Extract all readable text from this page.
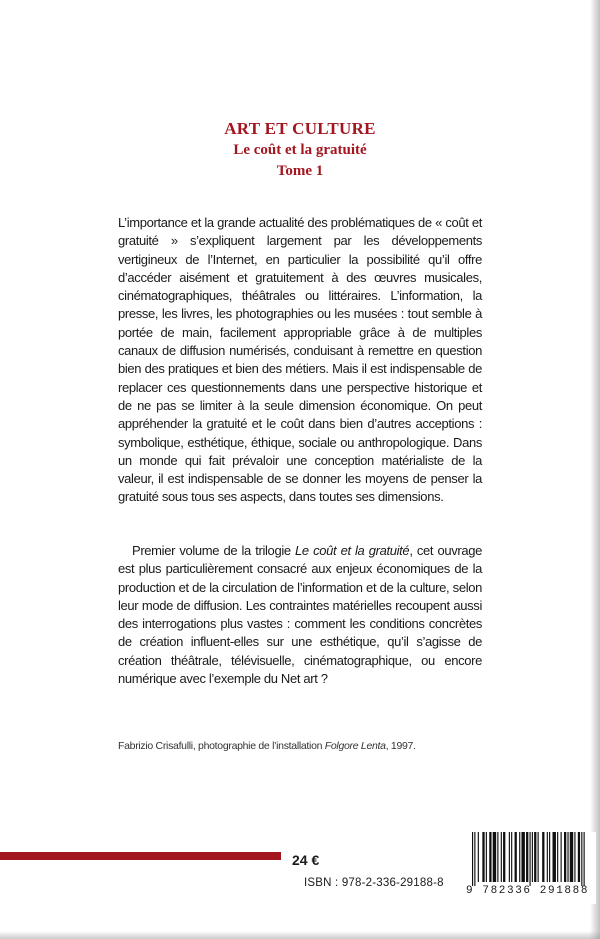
ART ET CULTURE
Le coût et la gratuité
Tome 1
L’importance et la grande actualité des problématiques de « coût et gratuité » s’expliquent largement par les développements vertigineux de l’Internet, en particulier la possibilité qu’il offre d’accéder aisément et gratuitement à des œuvres musicales, cinématographiques, théâtrales ou littéraires. L’information, la presse, les livres, les photographies ou les musées : tout semble à portée de main, facilement appropriable grâce à de multiples canaux de diffusion numérisés, conduisant à remettre en question bien des pratiques et bien des métiers. Mais il est indispensable de replacer ces questionnements dans une perspective historique et de ne pas se limiter à la seule dimension économique. On peut appréhender la gratuité et le coût dans bien d’autres acceptions : symbolique, esthétique, éthique, sociale ou anthropologique. Dans un monde qui fait prévaloir une conception matérialiste de la valeur, il est indispensable de se donner les moyens de penser la gratuité sous tous ses aspects, dans toutes ses dimensions.
Premier volume de la trilogie Le coût et la gratuité, cet ouvrage est plus particulièrement consacré aux enjeux économiques de la production et de la circulation de l’information et de la culture, selon leur mode de diffusion. Les contraintes matérielles recoupent aussi des interrogations plus vastes : comment les conditions concrètes de création influent-elles sur une esthétique, qu’il s’agisse de création théâtrale, télévisuelle, cinématographique, ou encore numérique avec l’exemple du Net art ?
Fabrizio Crisafulli, photographie de l’installation Folgore Lenta, 1997.
24 €
ISBN : 978-2-336-29188-8
9 782336 291888
